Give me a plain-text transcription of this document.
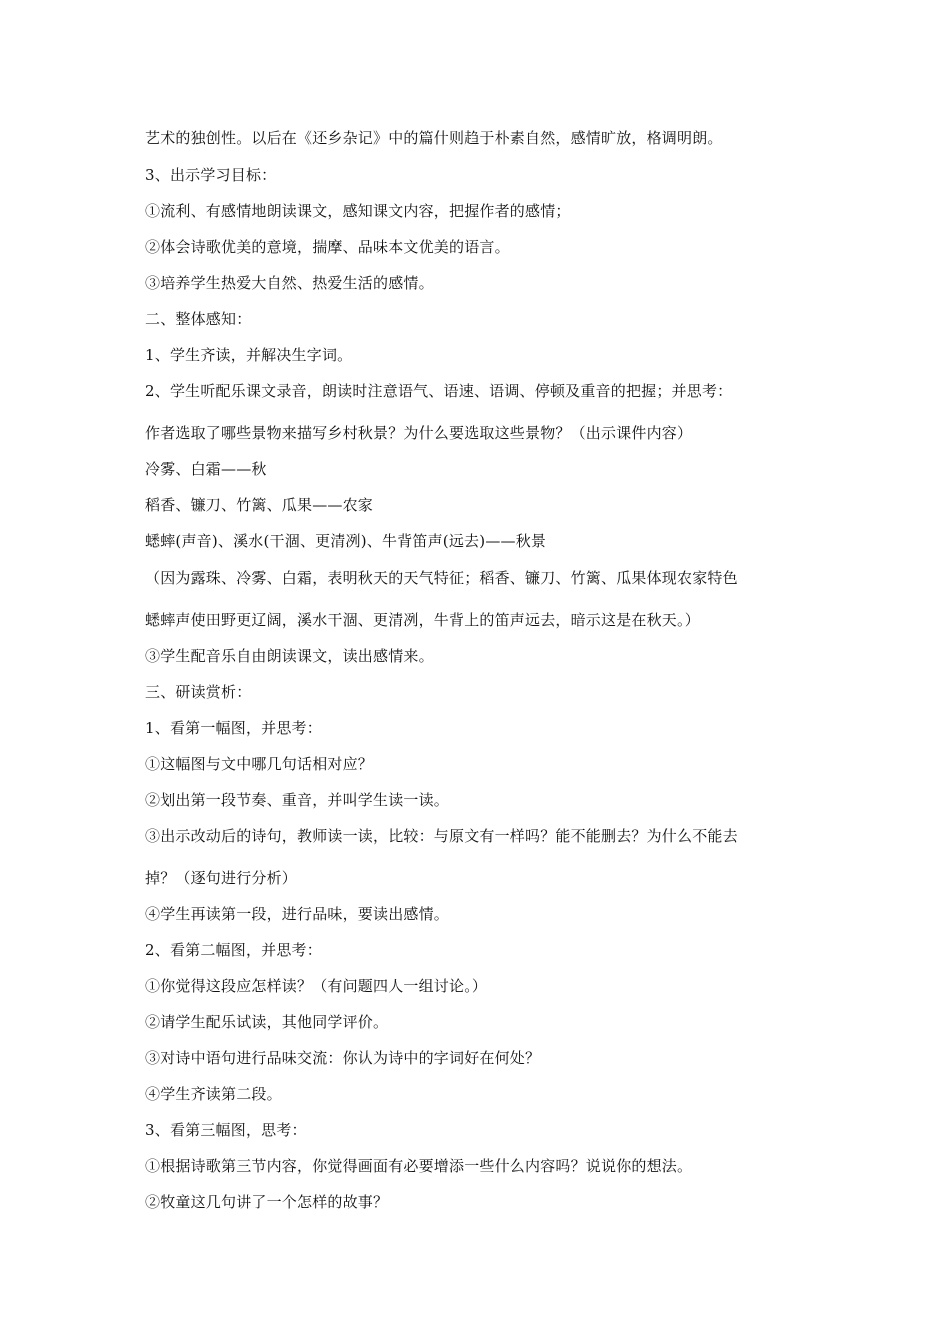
艺术的独创性。以后在《还乡杂记》中的篇什则趋于朴素自然，感情旷放，格调明朗。
3、出示学习目标：
①流利、有感情地朗读课文，感知课文内容，把握作者的感情；
②体会诗歌优美的意境，揣摩、品味本文优美的语言。
③培养学生热爱大自然、热爱生活的感情。
二、整体感知：
1、学生齐读，并解决生字词。
2、学生听配乐课文录音，朗读时注意语气、语速、语调、停顿及重音的把握；并思考：
作者选取了哪些景物来描写乡村秋景？为什么要选取这些景物？（出示课件内容）
冷雾、白霜——秋
稻香、镰刀、竹篱、瓜果——农家
蟋蟀(声音)、溪水(干涸、更清冽)、牛背笛声(远去)——秋景
（因为露珠、冷雾、白霜，表明秋天的天气特征；稻香、镰刀、竹篱、瓜果体现农家特色
蟋蟀声使田野更辽阔，溪水干涸、更清冽，牛背上的笛声远去，暗示这是在秋天。）
③学生配音乐自由朗读课文，读出感情来。
三、研读赏析：
1、看第一幅图，并思考：
①这幅图与文中哪几句话相对应？
②划出第一段节奏、重音，并叫学生读一读。
③出示改动后的诗句，教师读一读，比较：与原文有一样吗？能不能删去？为什么不能去
掉？（逐句进行分析）
④学生再读第一段，进行品味，要读出感情。
2、看第二幅图，并思考：
①你觉得这段应怎样读？（有问题四人一组讨论。）
②请学生配乐试读，其他同学评价。
③对诗中语句进行品味交流：你认为诗中的字词好在何处？
④学生齐读第二段。
3、看第三幅图，思考：
①根据诗歌第三节内容，你觉得画面有必要增添一些什么内容吗？说说你的想法。
②牧童这几句讲了一个怎样的故事？
